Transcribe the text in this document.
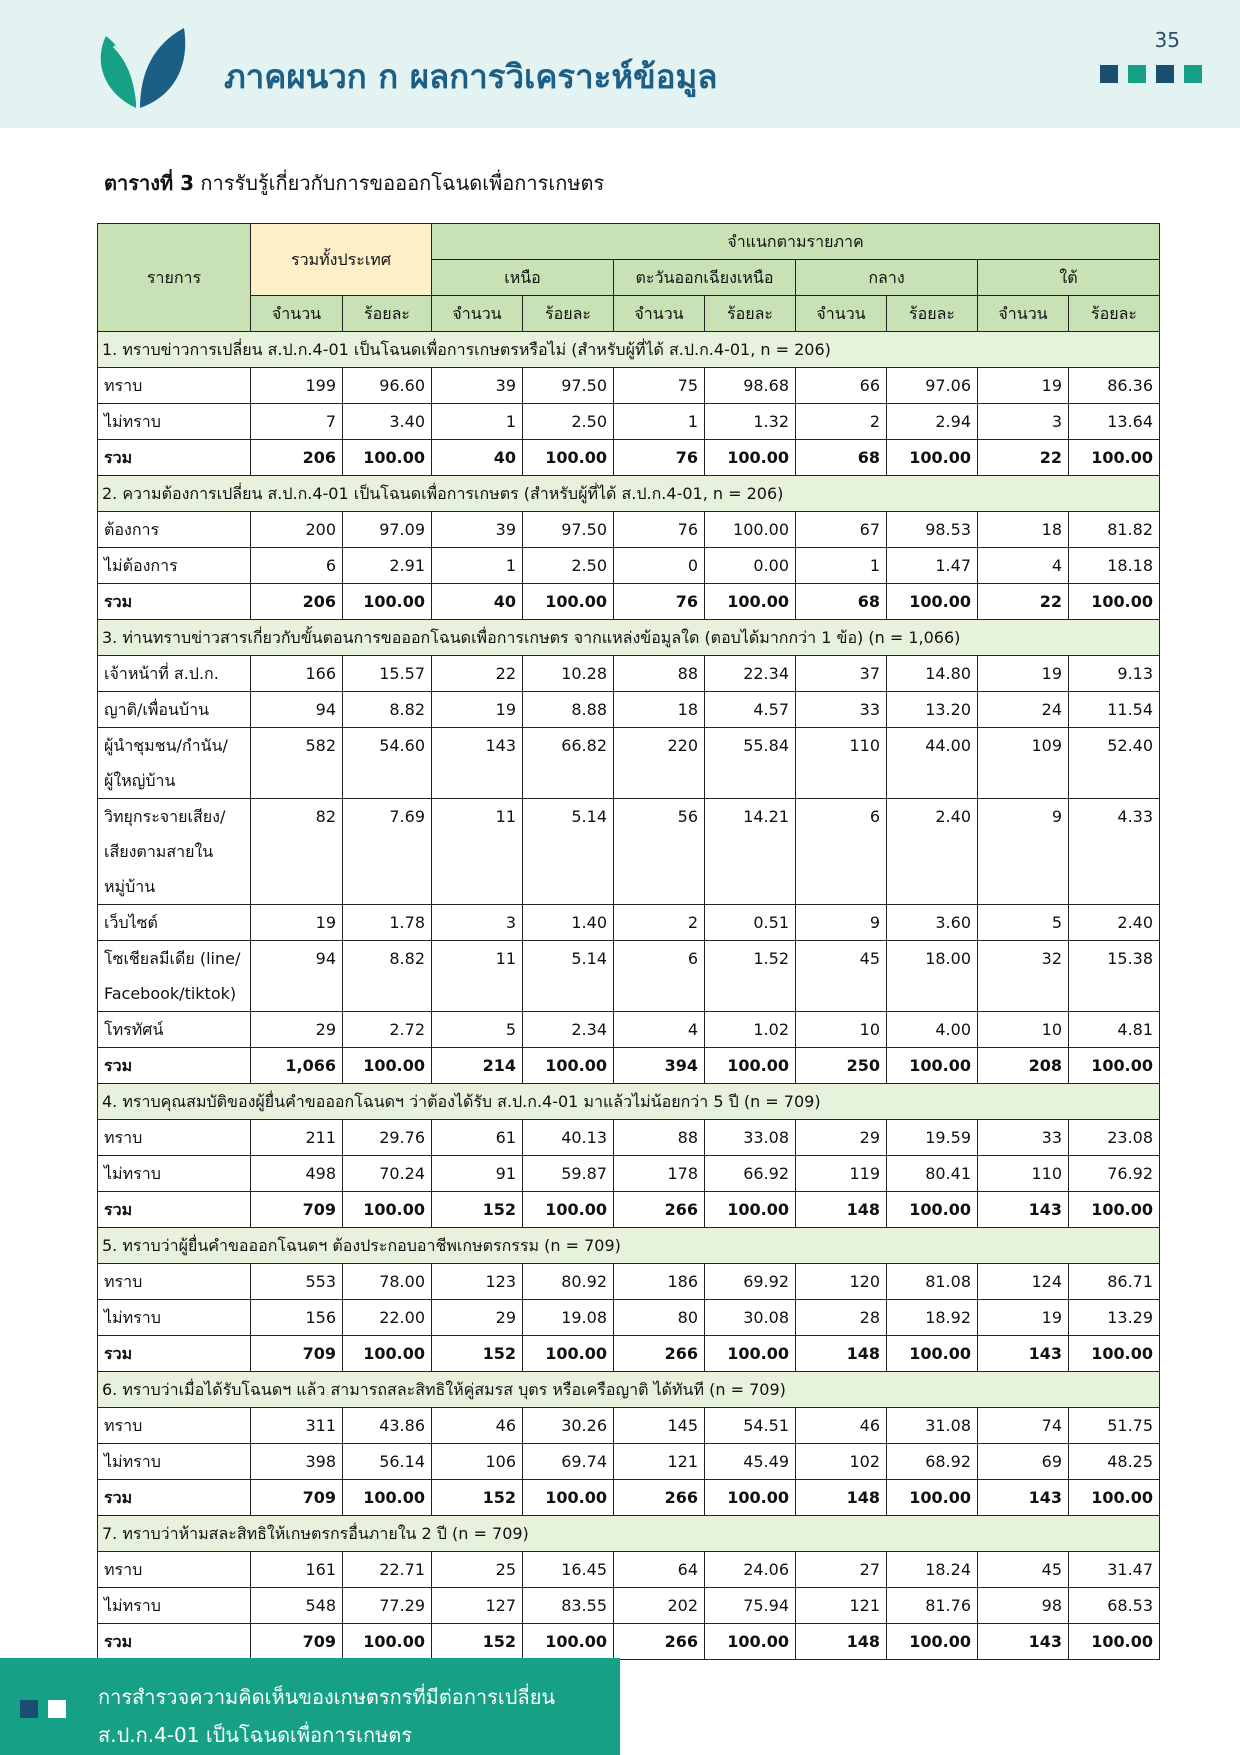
ภาคผนวก ก ผลการวิเคราะห์ข้อมูล
35
ตารางที่ 3 การรับรู้เกี่ยวกับการขอออกโฉนดเพื่อการเกษตร
รายการ	รวมทั้งประเทศ		จำแนกตามรายภาค							
			เหนือ		ตะวันออกเฉียงเหนือ		กลาง		ใต้	
	จำนวน	ร้อยละ	จำนวน	ร้อยละ	จำนวน	ร้อยละ	จำนวน	ร้อยละ	จำนวน	ร้อยละ
1. ทราบข่าวการเปลี่ยน ส.ป.ก.4-01 เป็นโฉนดเพื่อการเกษตรหรือไม่ (สำหรับผู้ที่ได้ ส.ป.ก.4-01, n = 206)										
ทราบ	199	96.60	39	97.50	75	98.68	66	97.06	19	86.36
ไม่ทราบ	7	3.40	1	2.50	1	1.32	2	2.94	3	13.64
รวม	206	100.00	40	100.00	76	100.00	68	100.00	22	100.00
2. ความต้องการเปลี่ยน ส.ป.ก.4-01 เป็นโฉนดเพื่อการเกษตร (สำหรับผู้ที่ได้ ส.ป.ก.4-01, n = 206)										
ต้องการ	200	97.09	39	97.50	76	100.00	67	98.53	18	81.82
ไม่ต้องการ	6	2.91	1	2.50	0	0.00	1	1.47	4	18.18
รวม	206	100.00	40	100.00	76	100.00	68	100.00	22	100.00
3. ท่านทราบข่าวสารเกี่ยวกับขั้นตอนการขอออกโฉนดเพื่อการเกษตร จากแหล่งข้อมูลใด (ตอบได้มากกว่า 1 ข้อ) (n = 1,066)										
เจ้าหน้าที่ ส.ป.ก.	166	15.57	22	10.28	88	22.34	37	14.80	19	9.13
ญาติ/เพื่อนบ้าน	94	8.82	19	8.88	18	4.57	33	13.20	24	11.54
ผู้นำชุมชน/กำนัน/ผู้ใหญ่บ้าน	582	54.60	143	66.82	220	55.84	110	44.00	109	52.40
วิทยุกระจายเสียง/เสียงตามสายในหมู่บ้าน	82	7.69	11	5.14	56	14.21	6	2.40	9	4.33
เว็บไซต์	19	1.78	3	1.40	2	0.51	9	3.60	5	2.40
โซเชียลมีเดีย (line/ Facebook/tiktok)	94	8.82	11	5.14	6	1.52	45	18.00	32	15.38
โทรทัศน์	29	2.72	5	2.34	4	1.02	10	4.00	10	4.81
รวม	1,066	100.00	214	100.00	394	100.00	250	100.00	208	100.00
4. ทราบคุณสมบัติของผู้ยื่นคำขอออกโฉนดฯ ว่าต้องได้รับ ส.ป.ก.4-01 มาแล้วไม่น้อยกว่า 5 ปี (n = 709)										
ทราบ	211	29.76	61	40.13	88	33.08	29	19.59	33	23.08
ไม่ทราบ	498	70.24	91	59.87	178	66.92	119	80.41	110	76.92
รวม	709	100.00	152	100.00	266	100.00	148	100.00	143	100.00
5. ทราบว่าผู้ยื่นคำขอออกโฉนดฯ ต้องประกอบอาชีพเกษตรกรรม (n = 709)										
ทราบ	553	78.00	123	80.92	186	69.92	120	81.08	124	86.71
ไม่ทราบ	156	22.00	29	19.08	80	30.08	28	18.92	19	13.29
รวม	709	100.00	152	100.00	266	100.00	148	100.00	143	100.00
6. ทราบว่าเมื่อได้รับโฉนดฯ แล้ว สามารถสละสิทธิให้คู่สมรส บุตร หรือเครือญาติ ได้ทันที (n = 709)										
ทราบ	311	43.86	46	30.26	145	54.51	46	31.08	74	51.75
ไม่ทราบ	398	56.14	106	69.74	121	45.49	102	68.92	69	48.25
รวม	709	100.00	152	100.00	266	100.00	148	100.00	143	100.00
7. ทราบว่าห้ามสละสิทธิให้เกษตรกรอื่นภายใน 2 ปี (n = 709)										
ทราบ	161	22.71	25	16.45	64	24.06	27	18.24	45	31.47
ไม่ทราบ	548	77.29	127	83.55	202	75.94	121	81.76	98	68.53
รวม	709	100.00	152	100.00	266	100.00	148	100.00	143	100.00
การสำรวจความคิดเห็นของเกษตรกรที่มีต่อการเปลี่ยน
ส.ป.ก.4-01 เป็นโฉนดเพื่อการเกษตร
